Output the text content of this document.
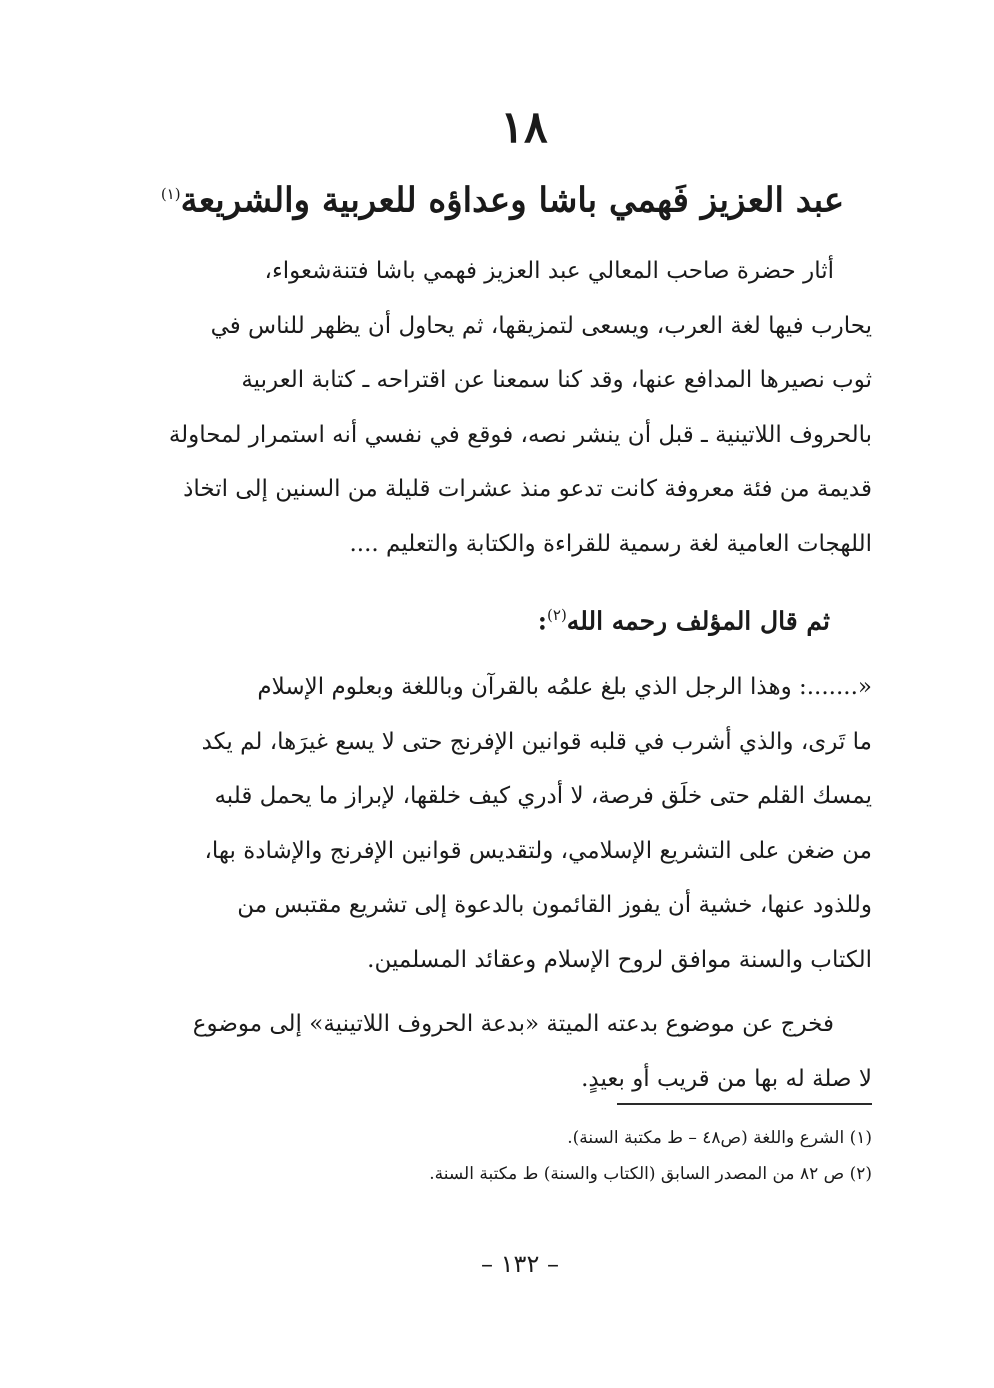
١٨
عبد العزيز فَهمي باشا وعداؤه للعربية والشريعة$^{(١)}$

أثار حضرة صاحب المعالي عبد العزيز فهمي باشا فتنةشعواء،

يحارب فيها لغة العرب، ويسعى لتمزيقها، ثم يحاول أن يظهر للناس في

ثوب نصيرها المدافع عنها، وقد كنا سمعنا عن اقتراحه ـ كتابة العربية

بالحروف اللاتينية ـ قبل أن ينشر نصه، فوقع في نفسي أنه استمرار لمحاولة

قديمة من فئة معروفة كانت تدعو منذ عشرات قليلة من السنين إلى اتخاذ

اللهجات العامية لغة رسمية للقراءة والكتابة والتعليم ....

ثم قال المؤلف رحمه الله$^{(٢)}$:

«.......: وهذا الرجل الذي بلغ علمُه بالقرآن وباللغة وبعلوم الإسلام

ما تَرى، والذي أشرب في قلبه قوانين الإفرنج حتى لا يسع غيرَها، لم يكد

يمسك القلم حتى خلَق فرصة، لا أدري كيف خلقها، لإبراز ما يحمل قلبه

من ضغن على التشريع الإسلامي، ولتقديس قوانين الإفرنج والإشادة بها،

وللذود عنها، خشية أن يفوز القائمون بالدعوة إلى تشريع مقتبس من

الكتاب والسنة موافق لروح الإسلام وعقائد المسلمين.

فخرج عن موضوع بدعته الميتة «بدعة الحروف اللاتينية» إلى موضوع

لا صلة له بها من قريب أو بعيدٍ.

(١) الشرع واللغة (ص٤٨ – ط مكتبة السنة).

(٢) ص ٨٢ من المصدر السابق (الكتاب والسنة) ط مكتبة السنة.

– ١٣٢ –
